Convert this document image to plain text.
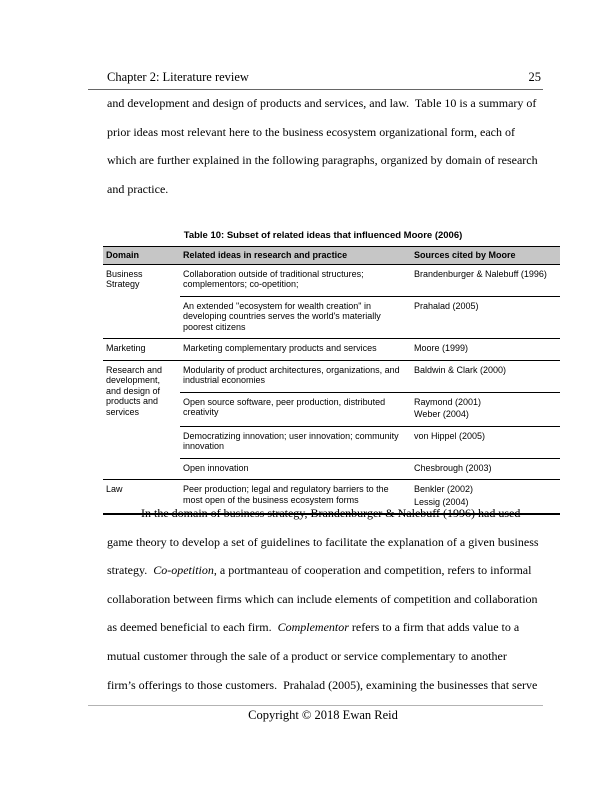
Chapter 2: Literature review	25
and development and design of products and services, and law.  Table 10 is a summary of
prior ideas most relevant here to the business ecosystem organizational form, each of
which are further explained in the following paragraphs, organized by domain of research
and practice.
Table 10: Subset of related ideas that influenced Moore (2006)
Domain	Related ideas in research and practice	Sources cited by Moore
Business Strategy	Collaboration outside of traditional structures; complementors; co-opetition;	Brandenburger & Nalebuff (1996)

	An extended "ecosystem for wealth creation" in developing countries serves the world's materially poorest citizens	Prahalad (2005)

Marketing	Marketing complementary products and services	Moore (1999)

Research and development, and design of products and services	Modularity of product architectures, organizations, and industrial economies	Baldwin & Clark (2000)

	Open source software, peer production, distributed creativity	Raymond (2001)
Weber (2004)

	Democratizing innovation; user innovation; community innovation	von Hippel (2005)

	Open innovation	Chesbrough (2003)

Law	Peer production; legal and regulatory barriers to the most open of the business ecosystem forms	Benkler (2002)
Lessig (2004)
In the domain of business strategy, Brandenburger & Nalebuff (1996) had used
game theory to develop a set of guidelines to facilitate the explanation of a given business
strategy.  Co-opetition, a portmanteau of cooperation and competition, refers to informal
collaboration between firms which can include elements of competition and collaboration
as deemed beneficial to each firm.  Complementor refers to a firm that adds value to a
mutual customer through the sale of a product or service complementary to another
firm’s offerings to those customers.  Prahalad (2005), examining the businesses that serve
Copyright © 2018 Ewan Reid
